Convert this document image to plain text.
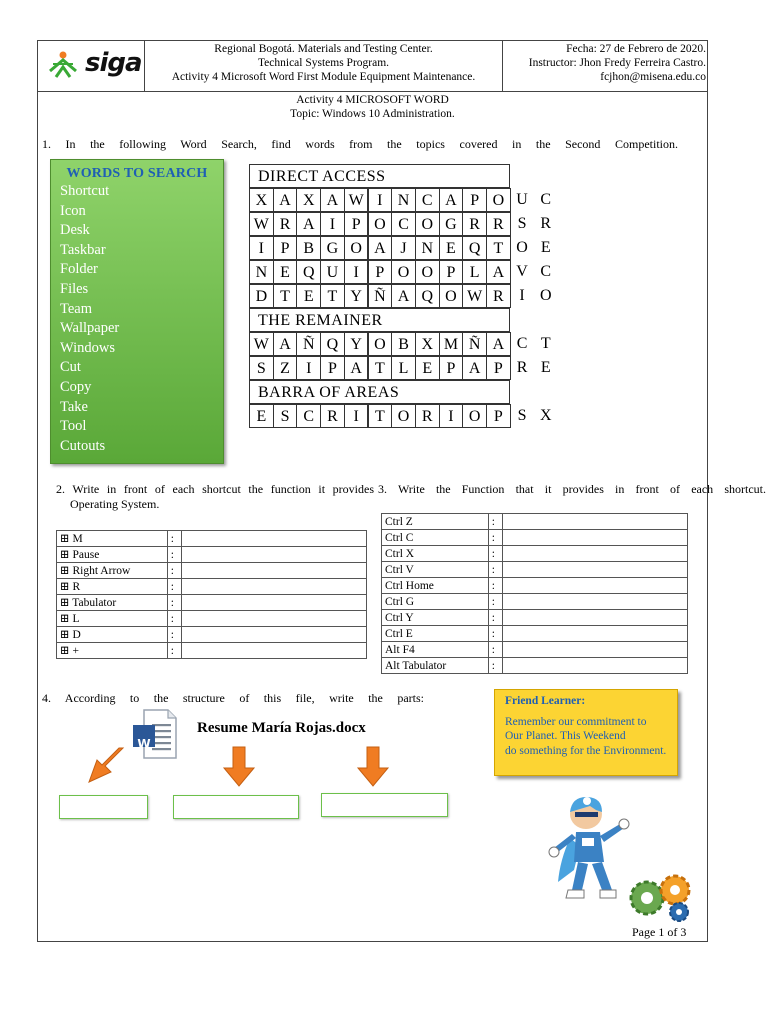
siga	Regional Bogotá. Materials and Testing Center.
Technical Systems Program.
Activity 4 Microsoft Word First Module Equipment Maintenance.
Fecha: 27 de Febrero de 2020.
Instructor: Jhon Fredy Ferreira Castro.
fcjhon@misena.edu.co
Activity 4 MICROSOFT WORD
Topic: Windows 10 Administration.
1. In the following Word Search, find words from the topics covered in the Second Competition.
WORDS TO SEARCH
Shortcut
Icon
Desk
Taskbar
Folder
Files
Team
Wallpaper
Windows
Cut
Copy
Take
Tool
Cutouts
DIRECT ACCESS
X A X A W I N C A P O U C
W R A I	P O C O G R R S R
I	P B G O A J N E Q T O E
N E Q U I	P O O P L A V C
D T E T Y Ñ A Q O W R I O
THE REMAINER
W A Ñ Q Y O B X M Ñ A C T
S Z	I	P A T L E P A P R E
BARRA OF AREAS
E S C R I	T O R I O P S X
2. Write in front of each shortcut the function it provides
Operating System.
3. Write the Function that it provides in front of each shortcut.
⊞ M	:	
⊞ Pause	:	
⊞ Right Arrow	:	
⊞ R	:	
⊞ Tabulator	:	
⊞ L	:	
⊞ D	:	
⊞ +	:	
Ctrl Z	:	
Ctrl C	:	
Ctrl X	:	
Ctrl V	:	
Ctrl Home	:	
Ctrl G	:	
Ctrl Y	:	
Ctrl E	:	
Alt F4	:	
Alt Tabulator	:	
4. According to the structure of this file, write the parts:
W
Resume María Rojas.docx
Friend Learner:
Remember our commitment to
Our Planet. This Weekend
do something for the Environment.
Page 1 of 3
